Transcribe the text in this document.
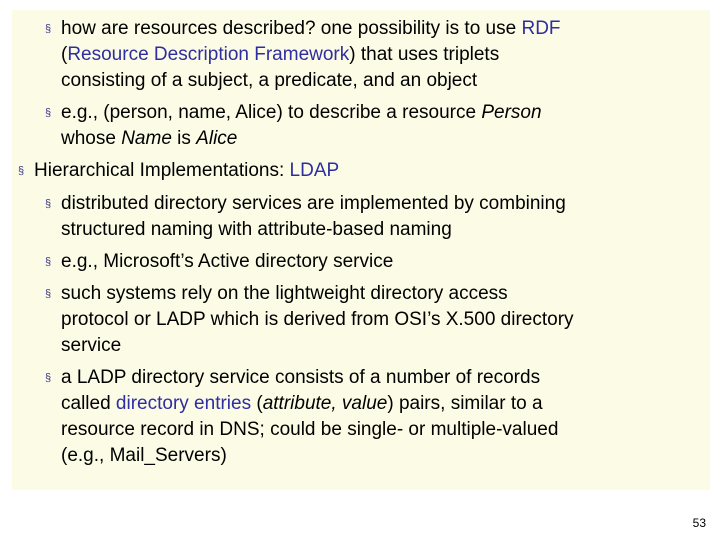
§ how are resources described? one possibility is to use RDF
(Resource Description Framework) that uses triplets
consisting of a subject, a predicate, and an object
§ e.g., (person, name, Alice) to describe a resource Person
whose Name is Alice
§ Hierarchical Implementations: LDAP
§ distributed directory services are implemented by combining
structured naming with attribute-based naming
§ e.g., Microsoft’s Active directory service
§ such systems rely on the lightweight directory access
protocol or LADP which is derived from OSI’s X.500 directory
service
§ a LADP directory service consists of a number of records
called directory entries (attribute, value) pairs, similar to a
resource record in DNS; could be single- or multiple-valued
(e.g., Mail_Servers)
53
